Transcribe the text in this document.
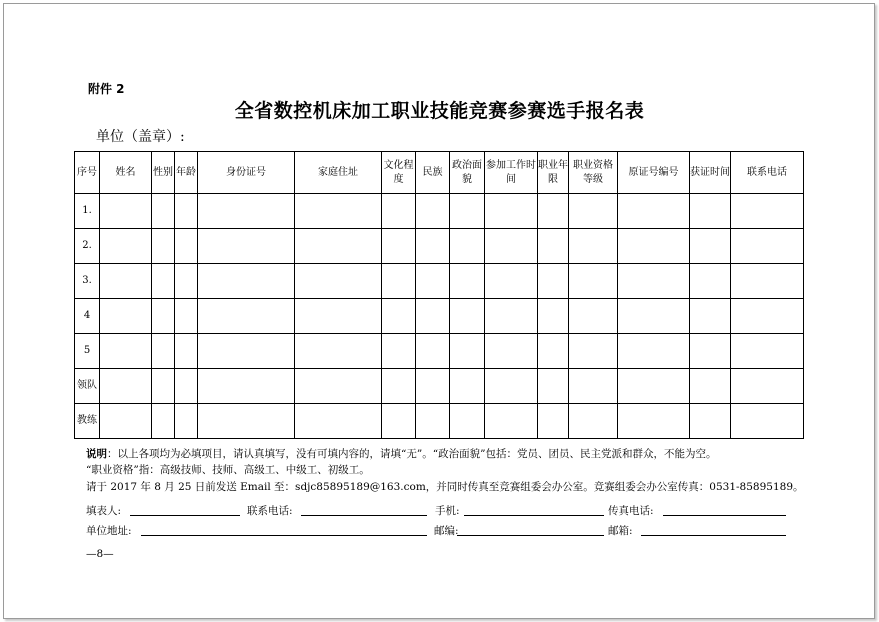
附件 2
全省数控机床加工职业技能竞赛参赛选手报名表
单位（盖章）:
序号	姓名	性别	年龄	身份证号	家庭住址	文化程度	民族	政治面貌	参加工作时间	职业年限	职业资格等级	原证号编号	获证时间	联系电话
1.														
2.														
3.														
4														
5														
领队														
教练														
说明：以上各项均为必填项目，请认真填写，没有可填内容的，请填“无”。“政治面貌”包括：党员、团员、民主党派和群众，不能为空。
“职业资格”指：高级技师、技师、高级工、中级工、初级工。
请于 2017 年 8 月 25 日前发送 Email 至：sdjc85895189@163.com，并同时传真至竞赛组委会办公室。竞赛组委会办公室传真：0531-85895189。
填表人:	联系电话:	手机:	传真电话:
单位地址:	邮编:	邮箱:
—8—
